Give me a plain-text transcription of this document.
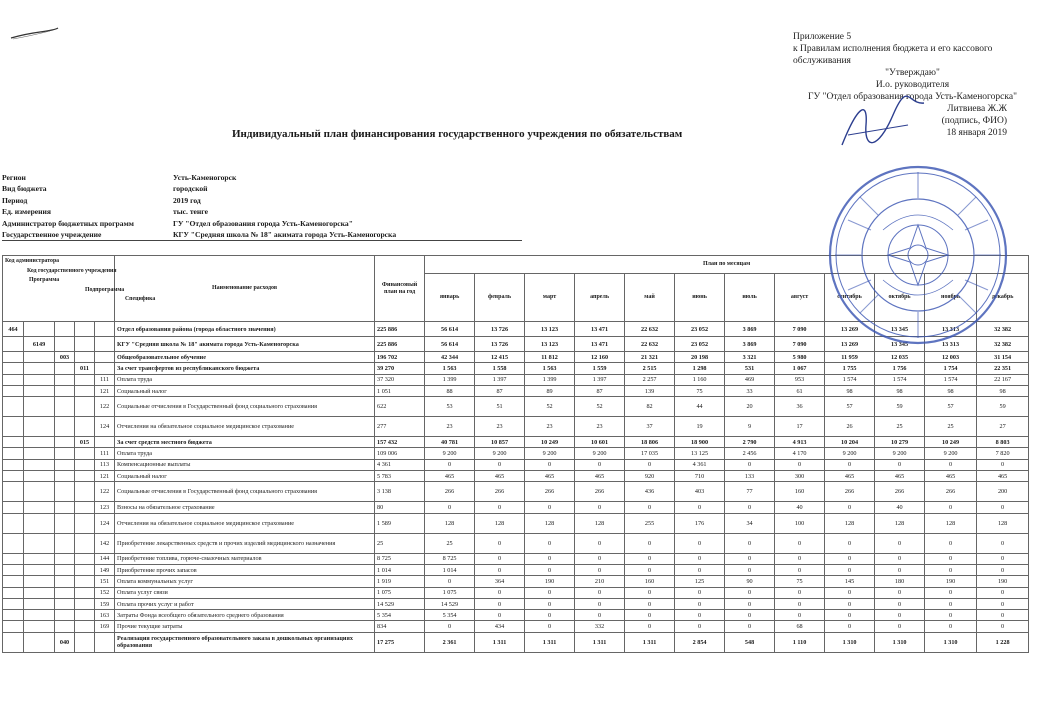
Приложение 5
к Правилам исполнения бюджета и его кассового обслуживания
"Утверждаю"
И.о. руководителя
ГУ "Отдел образования города Усть-Каменогорска"
Литвиева Ж.Ж
(подпись, ФИО)
18 января 2019
Индивидуальный план финансирования государственного учреждения по обязательствам
Регион	Усть-Каменогорск
Вид бюджета	городской
Период	2019 год
Ед. измерения	тыс. тенге
Администратор бюджетных программ	ГУ "Отдел образования города Усть-Каменогорска"
Государственное учреждение	КГУ "Средняя школа № 18" акимата города Усть-Каменогорска
Код администратора
Код государственного учреждения
Программа
Подпрограмма
Специфика					Наименование расходов	Финансовый план на год	План по месяцам											
							январь	февраль	март	апрель	май	июнь	июль	август	сентябрь	октябрь	ноябрь	декабрь
464					Отдел образования района (города областного значения)	225 886	56 614	13 726	13 123	13 471	22 632	23 052	3 869	7 090	13 269	13 345	13 313	32 382
	6149				КГУ "Средняя школа № 18" акимата города Усть-Каменогорска	225 886	56 614	13 726	13 123	13 471	22 632	23 052	3 869	7 090	13 269	13 345	13 313	32 382
		003			Общеобразовательное обучение	196 702	42 344	12 415	11 812	12 160	21 321	20 198	3 321	5 980	11 959	12 035	12 003	31 154
			011		За счет трансфертов из республиканского бюджета	39 270	1 563	1 558	1 563	1 559	2 515	1 298	531	1 067	1 755	1 756	1 754	22 351
				111	Оплата труда	37 320	1 399	1 397	1 399	1 397	2 257	1 160	469	953	1 574	1 574	1 574	22 167
				121	Социальный налог	1 051	88	87	89	87	139	75	33	61	98	98	98	98
				122	Социальные отчисления в Государственный фонд социального страхования	622	53	51	52	52	82	44	20	36	57	59	57	59
				124	Отчисления на обязательное социальное медицинское страхование	277	23	23	23	23	37	19	9	17	26	25	25	27
			015		За счет средств местного бюджета	157 432	40 781	10 857	10 249	10 601	18 806	18 900	2 790	4 913	10 204	10 279	10 249	8 803
				111	Оплата труда	109 006	9 200	9 200	9 200	9 200	17 035	13 125	2 456	4 170	9 200	9 200	9 200	7 820
				113	Компенсационные выплаты	4 361	0	0	0	0	0	4 361	0	0	0	0	0	0
				121	Социальный налог	5 783	465	465	465	465	920	710	133	300	465	465	465	465
				122	Социальные отчисления в Государственный фонд социального страхования	3 138	266	266	266	266	436	403	77	160	266	266	266	200
				123	Взносы на обязательное страхование	80	0	0	0	0	0	0	0	40	0	40	0	0
				124	Отчисления на обязательное социальное медицинское страхование	1 589	128	128	128	128	255	176	34	100	128	128	128	128
				142	Приобретение лекарственных средств и прочих изделий медицинского назначения	25	25	0	0	0	0	0	0	0	0	0	0	0
				144	Приобретение топлива, горюче-смазочных материалов	8 725	8 725	0	0	0	0	0	0	0	0	0	0	0
				149	Приобретение прочих запасов	1 014	1 014	0	0	0	0	0	0	0	0	0	0	0
				151	Оплата коммунальных услуг	1 919	0	364	190	210	160	125	90	75	145	180	190	190
				152	Оплата услуг связи	1 075	1 075	0	0	0	0	0	0	0	0	0	0	0
				159	Оплата прочих услуг и работ	14 529	14 529	0	0	0	0	0	0	0	0	0	0	0
				163	Затраты Фонда всеобщего обязательного среднего образования	5 354	5 354	0	0	0	0	0	0	0	0	0	0	0
				169	Прочие текущие затраты	834	0	434	0	332	0	0	0	68	0	0	0	0
		040			Реализация государственного образовательного заказа в дошкольных организациях образования	17 275	2 361	1 311	1 311	1 311	1 311	2 854	548	1 110	1 310	1 310	1 310	1 228
